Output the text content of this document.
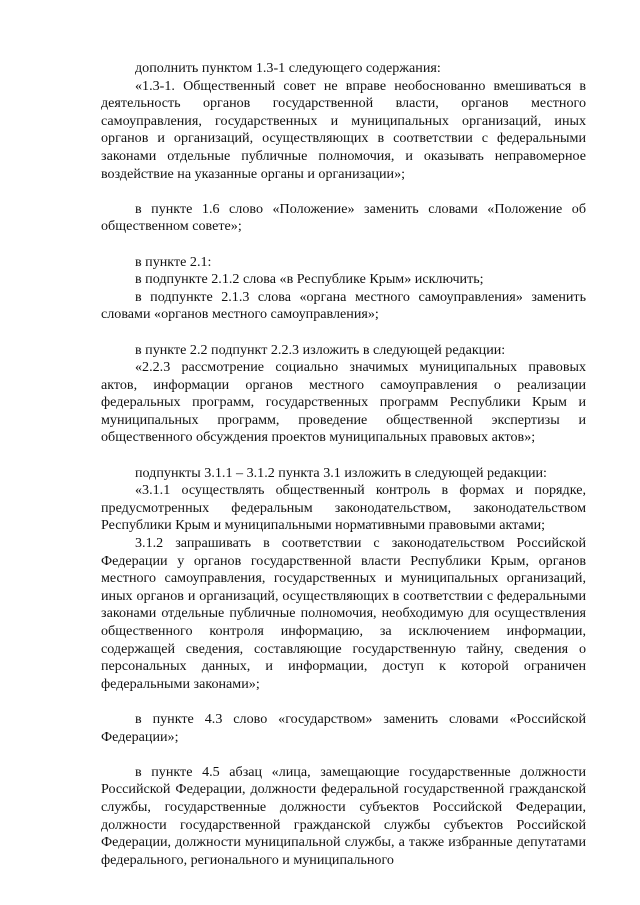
дополнить пунктом 1.3-1 следующего содержания:

«1.3-1. Общественный совет не вправе необоснованно вмешиваться в деятельность органов государственной власти, органов местного самоуправления, государственных и муниципальных организаций, иных органов и организаций, осуществляющих в соответствии с федеральными законами отдельные публичные полномочия, и оказывать неправомерное воздействие на указанные органы и организации»;

в пункте 1.6 слово «Положение» заменить словами «Положение об общественном совете»;

в пункте 2.1:

в подпункте 2.1.2 слова «в Республике Крым» исключить;

в подпункте 2.1.3 слова «органа местного самоуправления» заменить словами «органов местного самоуправления»;

в пункте 2.2 подпункт 2.2.3 изложить в следующей редакции:

«2.2.3 рассмотрение социально значимых муниципальных правовых актов, информации органов местного самоуправления о реализации федеральных программ, государственных программ Республики Крым и муниципальных программ, проведение общественной экспертизы и общественного обсуждения проектов муниципальных правовых актов»;

подпункты 3.1.1 – 3.1.2 пункта 3.1 изложить в следующей редакции:

«3.1.1 осуществлять общественный контроль в формах и порядке, предусмотренных федеральным законодательством, законодательством Республики Крым и муниципальными нормативными правовыми актами;

3.1.2 запрашивать в соответствии с законодательством Российской Федерации у органов государственной власти Республики Крым, органов местного самоуправления, государственных и муниципальных организаций, иных органов и организаций, осуществляющих в соответствии с федеральными законами отдельные публичные полномочия, необходимую для осуществления общественного контроля информацию, за исключением информации, содержащей сведения, составляющие государственную тайну, сведения о персональных данных, и информации, доступ к которой ограничен федеральными законами»;

в пункте 4.3 слово «государством» заменить словами «Российской Федерации»;

в пункте 4.5 абзац «лица, замещающие государственные должности Российской Федерации, должности федеральной государственной гражданской службы, государственные должности субъектов Российской Федерации, должности государственной гражданской службы субъектов Российской Федерации, должности муниципальной службы, а также избранные депутатами федерального, регионального и муниципального
